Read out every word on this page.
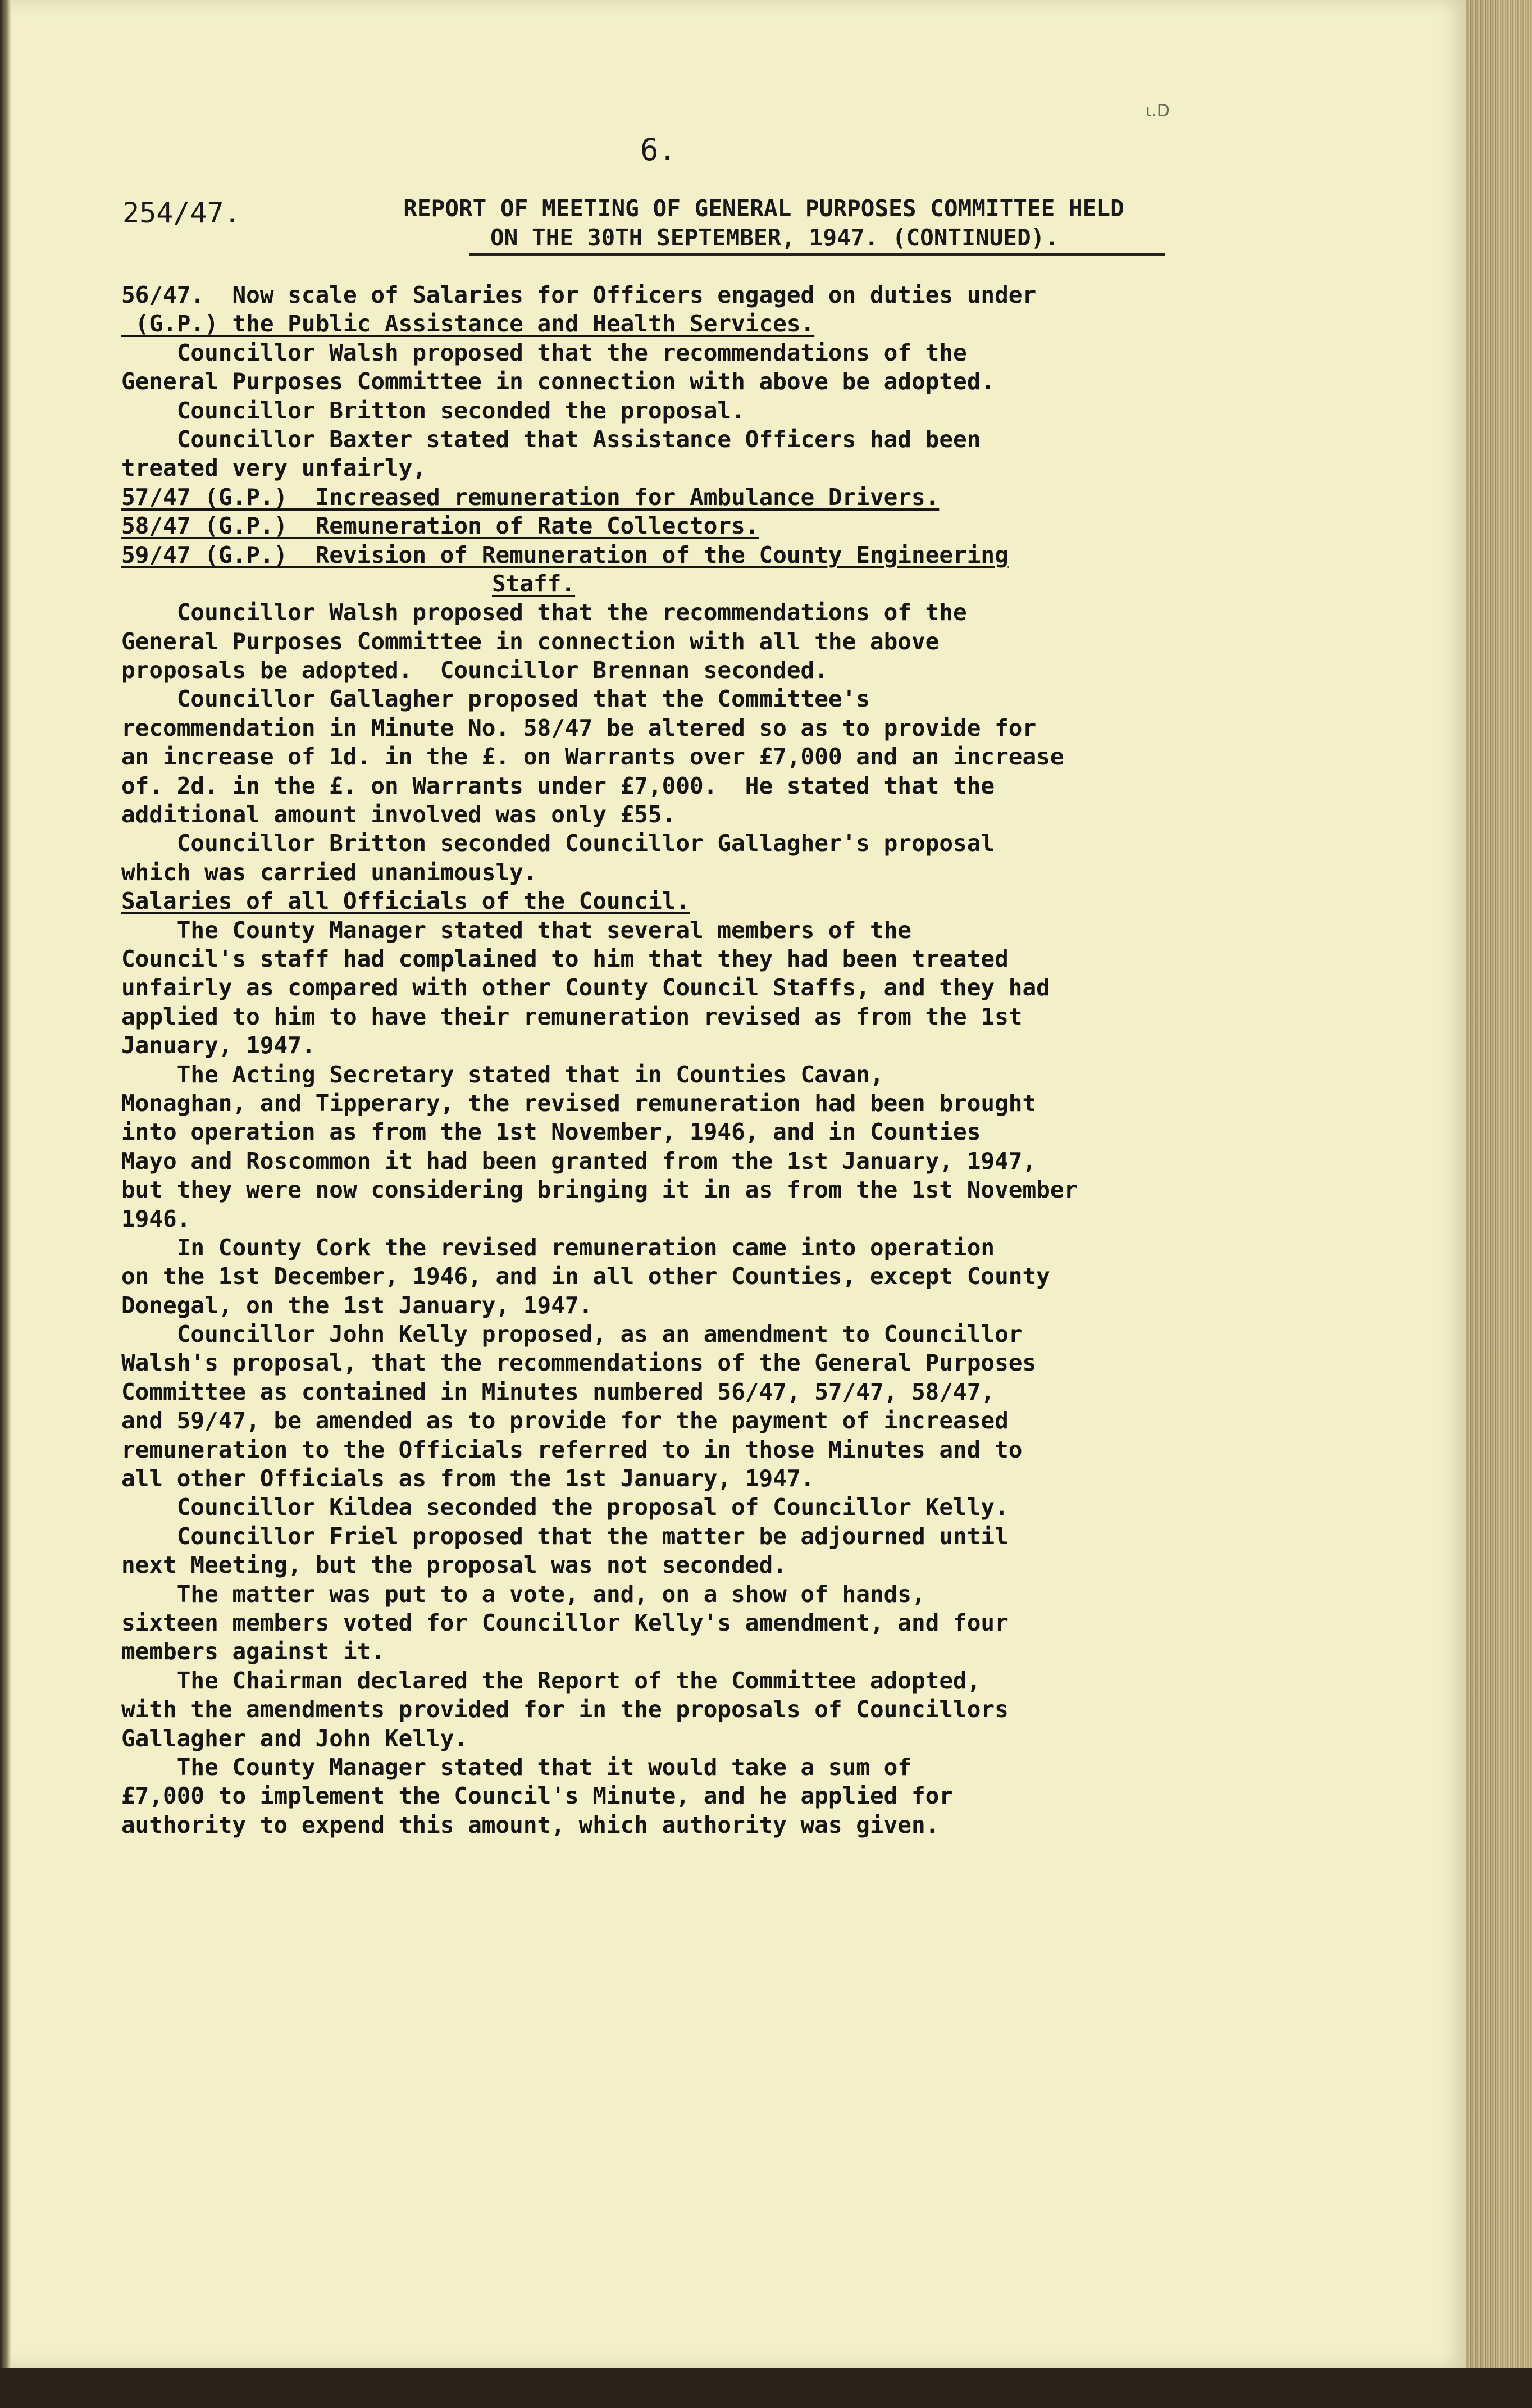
ι.D
6.
254/47.	REPORT OF MEETING OF GENERAL PURPOSES COMMITTEE HELD
ON THE 30TH SEPTEMBER, 1947. (CONTINUED).
56/47.  Now scale of Salaries for Officers engaged on duties under
(G.P.) the Public Assistance and Health Services.
Councillor Walsh proposed that the recommendations of the
General Purposes Committee in connection with above be adopted.
Councillor Britton seconded the proposal.
Councillor Baxter stated that Assistance Officers had been
treated very unfairly,
57/47 (G.P.)  Increased remuneration for Ambulance Drivers.
58/47 (G.P.)  Remuneration of Rate Collectors.
59/47 (G.P.)  Revision of Remuneration of the County Engineering
Staff.
Councillor Walsh proposed that the recommendations of the
General Purposes Committee in connection with all the above
proposals be adopted.  Councillor Brennan seconded.
Councillor Gallagher proposed that the Committee's
recommendation in Minute No. 58/47 be altered so as to provide for
an increase of 1d. in the £. on Warrants over £7,000 and an increase
of. 2d. in the £. on Warrants under £7,000.  He stated that the
additional amount involved was only £55.
Councillor Britton seconded Councillor Gallagher's proposal
which was carried unanimously.
Salaries of all Officials of the Council.
The County Manager stated that several members of the
Council's staff had complained to him that they had been treated
unfairly as compared with other County Council Staffs, and they had
applied to him to have their remuneration revised as from the 1st
January, 1947.
The Acting Secretary stated that in Counties Cavan,
Monaghan, and Tipperary, the revised remuneration had been brought
into operation as from the 1st November, 1946, and in Counties
Mayo and Roscommon it had been granted from the 1st January, 1947,
but they were now considering bringing it in as from the 1st November
1946.
In County Cork the revised remuneration came into operation
on the 1st December, 1946, and in all other Counties, except County
Donegal, on the 1st January, 1947.
Councillor John Kelly proposed, as an amendment to Councillor
Walsh's proposal, that the recommendations of the General Purposes
Committee as contained in Minutes numbered 56/47, 57/47, 58/47,
and 59/47, be amended as to provide for the payment of increased
remuneration to the Officials referred to in those Minutes and to
all other Officials as from the 1st January, 1947.
Councillor Kildea seconded the proposal of Councillor Kelly.
Councillor Friel proposed that the matter be adjourned until
next Meeting, but the proposal was not seconded.
The matter was put to a vote, and, on a show of hands,
sixteen members voted for Councillor Kelly's amendment, and four
members against it.
The Chairman declared the Report of the Committee adopted,
with the amendments provided for in the proposals of Councillors
Gallagher and John Kelly.
The County Manager stated that it would take a sum of
£7,000 to implement the Council's Minute, and he applied for
authority to expend this amount, which authority was given.
